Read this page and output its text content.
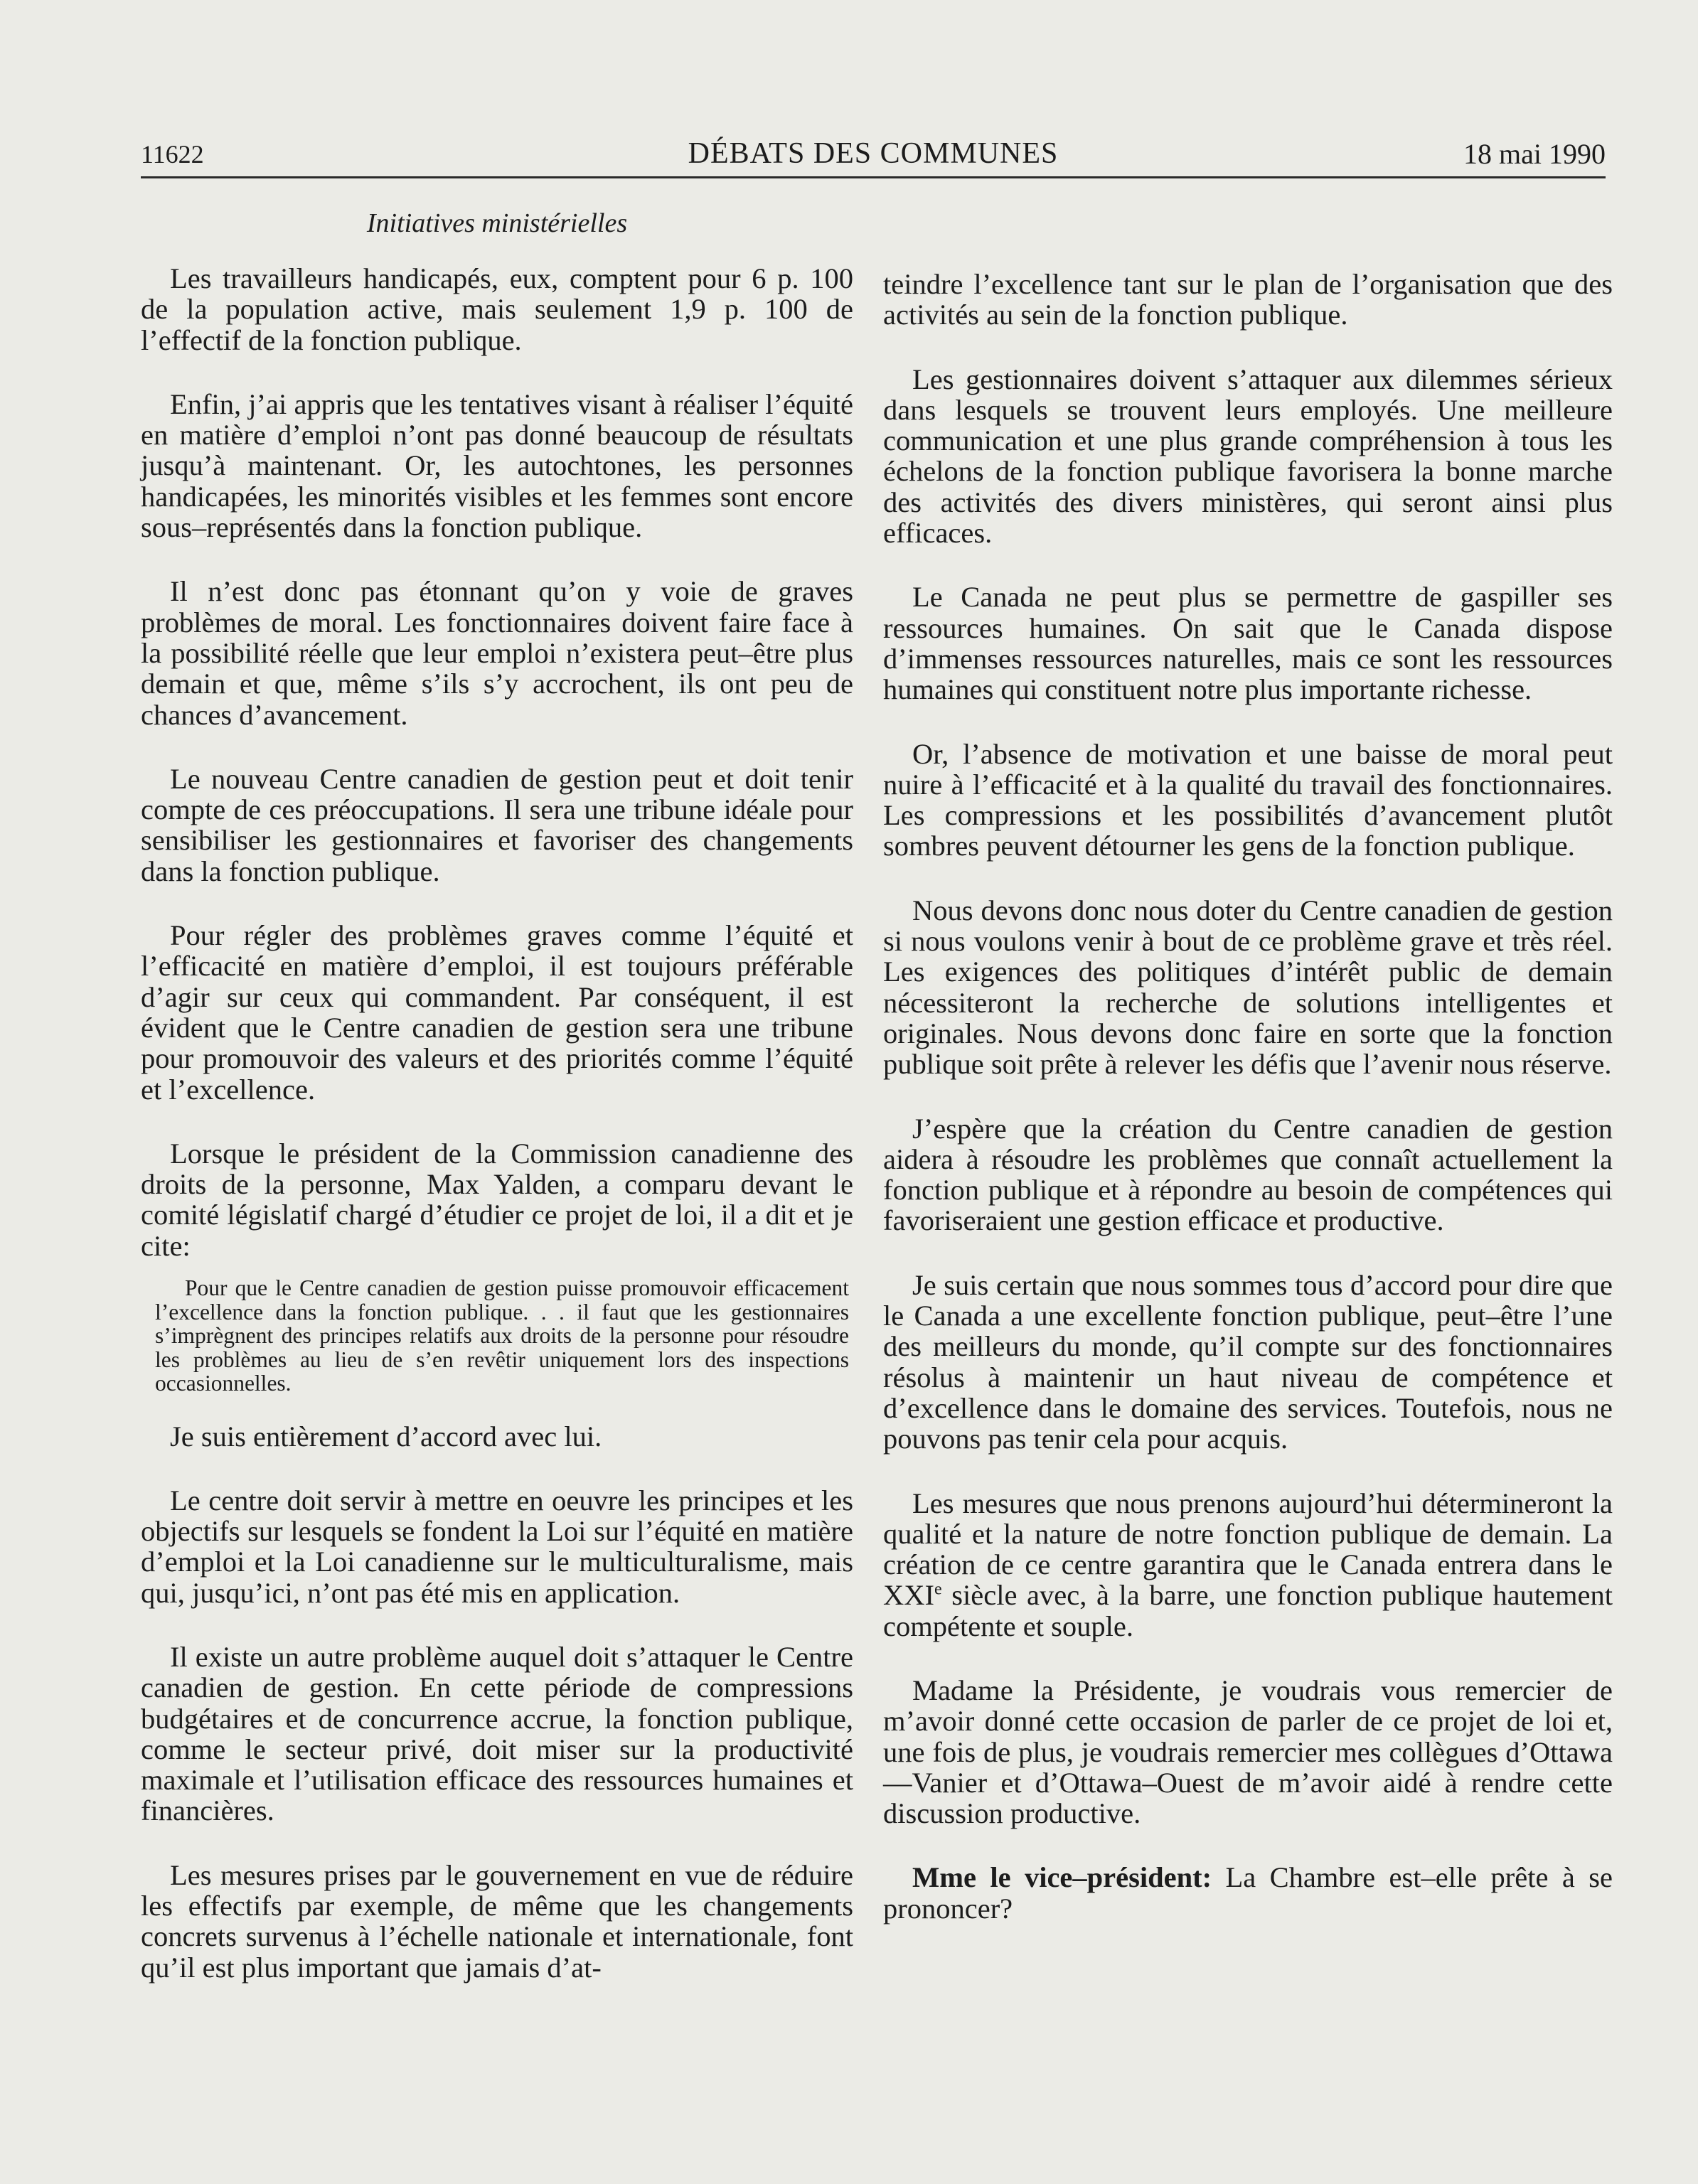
11622	DÉBATS DES COMMUNES	18 mai 1990
Initiatives ministérielles

Les travailleurs handicapés, eux, comptent pour 6 p. 100 de la population active, mais seulement 1,9 p. 100 de l’effectif de la fonction publique.

Enfin, j’ai appris que les tentatives visant à réaliser l’équité en matière d’emploi n’ont pas donné beaucoup de résultats jusqu’à maintenant. Or, les autochtones, les personnes handicapées, les minorités visibles et les femmes sont encore sous–représentés dans la fonction publique.

Il n’est donc pas étonnant qu’on y voie de graves problèmes de moral. Les fonctionnaires doivent faire face à la possibilité réelle que leur emploi n’existera peut–être plus demain et que, même s’ils s’y accrochent, ils ont peu de chances d’avancement.

Le nouveau Centre canadien de gestion peut et doit tenir compte de ces préoccupations. Il sera une tribune idéale pour sensibiliser les gestionnaires et favoriser des changements dans la fonction publique.

Pour régler des problèmes graves comme l’équité et l’efficacité en matière d’emploi, il est toujours préférable d’agir sur ceux qui commandent. Par conséquent, il est évident que le Centre canadien de gestion sera une tribune pour promouvoir des valeurs et des priorités comme l’équité et l’excellence.

Lorsque le président de la Commission canadienne des droits de la personne, Max Yalden, a comparu devant le comité législatif chargé d’étudier ce projet de loi, il a dit et je cite:

Pour que le Centre canadien de gestion puisse promouvoir efficacement l’excellence dans la fonction publique. . . il faut que les gestionnaires s’imprègnent des principes relatifs aux droits de la personne pour résoudre les problèmes au lieu de s’en revêtir uniquement lors des inspections occasionnelles.

Je suis entièrement d’accord avec lui.

Le centre doit servir à mettre en oeuvre les principes et les objectifs sur lesquels se fondent la Loi sur l’équité en matière d’emploi et la Loi canadienne sur le multiculturalisme, mais qui, jusqu’ici, n’ont pas été mis en application.

Il existe un autre problème auquel doit s’attaquer le Centre canadien de gestion. En cette période de compressions budgétaires et de concurrence accrue, la fonction publique, comme le secteur privé, doit miser sur la productivité maximale et l’utilisation efficace des ressources humaines et financières.

Les mesures prises par le gouvernement en vue de réduire les effectifs par exemple, de même que les changements concrets survenus à l’échelle nationale et internationale, font qu’il est plus important que jamais d’at-

teindre l’excellence tant sur le plan de l’organisation que des activités au sein de la fonction publique.

Les gestionnaires doivent s’attaquer aux dilemmes sérieux dans lesquels se trouvent leurs employés. Une meilleure communication et une plus grande compréhension à tous les échelons de la fonction publique favorisera la bonne marche des activités des divers ministères, qui seront ainsi plus efficaces.

Le Canada ne peut plus se permettre de gaspiller ses ressources humaines. On sait que le Canada dispose d’immenses ressources naturelles, mais ce sont les ressources humaines qui constituent notre plus importante richesse.

Or, l’absence de motivation et une baisse de moral peut nuire à l’efficacité et à la qualité du travail des fonctionnaires. Les compressions et les possibilités d’avancement plutôt sombres peuvent détourner les gens de la fonction publique.

Nous devons donc nous doter du Centre canadien de gestion si nous voulons venir à bout de ce problème grave et très réel. Les exigences des politiques d’intérêt public de demain nécessiteront la recherche de solutions intelligentes et originales. Nous devons donc faire en sorte que la fonction publique soit prête à relever les défis que l’avenir nous réserve.

J’espère que la création du Centre canadien de gestion aidera à résoudre les problèmes que connaît actuellement la fonction publique et à répondre au besoin de compétences qui favoriseraient une gestion efficace et productive.

Je suis certain que nous sommes tous d’accord pour dire que le Canada a une excellente fonction publique, peut–être l’une des meilleurs du monde, qu’il compte sur des fonctionnaires résolus à maintenir un haut niveau de compétence et d’excellence dans le domaine des services. Toutefois, nous ne pouvons pas tenir cela pour acquis.

Les mesures que nous prenons aujourd’hui détermineront la qualité et la nature de notre fonction publique de demain. La création de ce centre garantira que le Canada entrera dans le XXIe siècle avec, à la barre, une fonction publique hautement compétente et souple.

Madame la Présidente, je voudrais vous remercier de m’avoir donné cette occasion de parler de ce projet de loi et, une fois de plus, je voudrais remercier mes collègues d’Ottawa—Vanier et d’Ottawa–Ouest de m’avoir aidé à rendre cette discussion productive.

Mme le vice–président: La Chambre est–elle prête à se prononcer?
